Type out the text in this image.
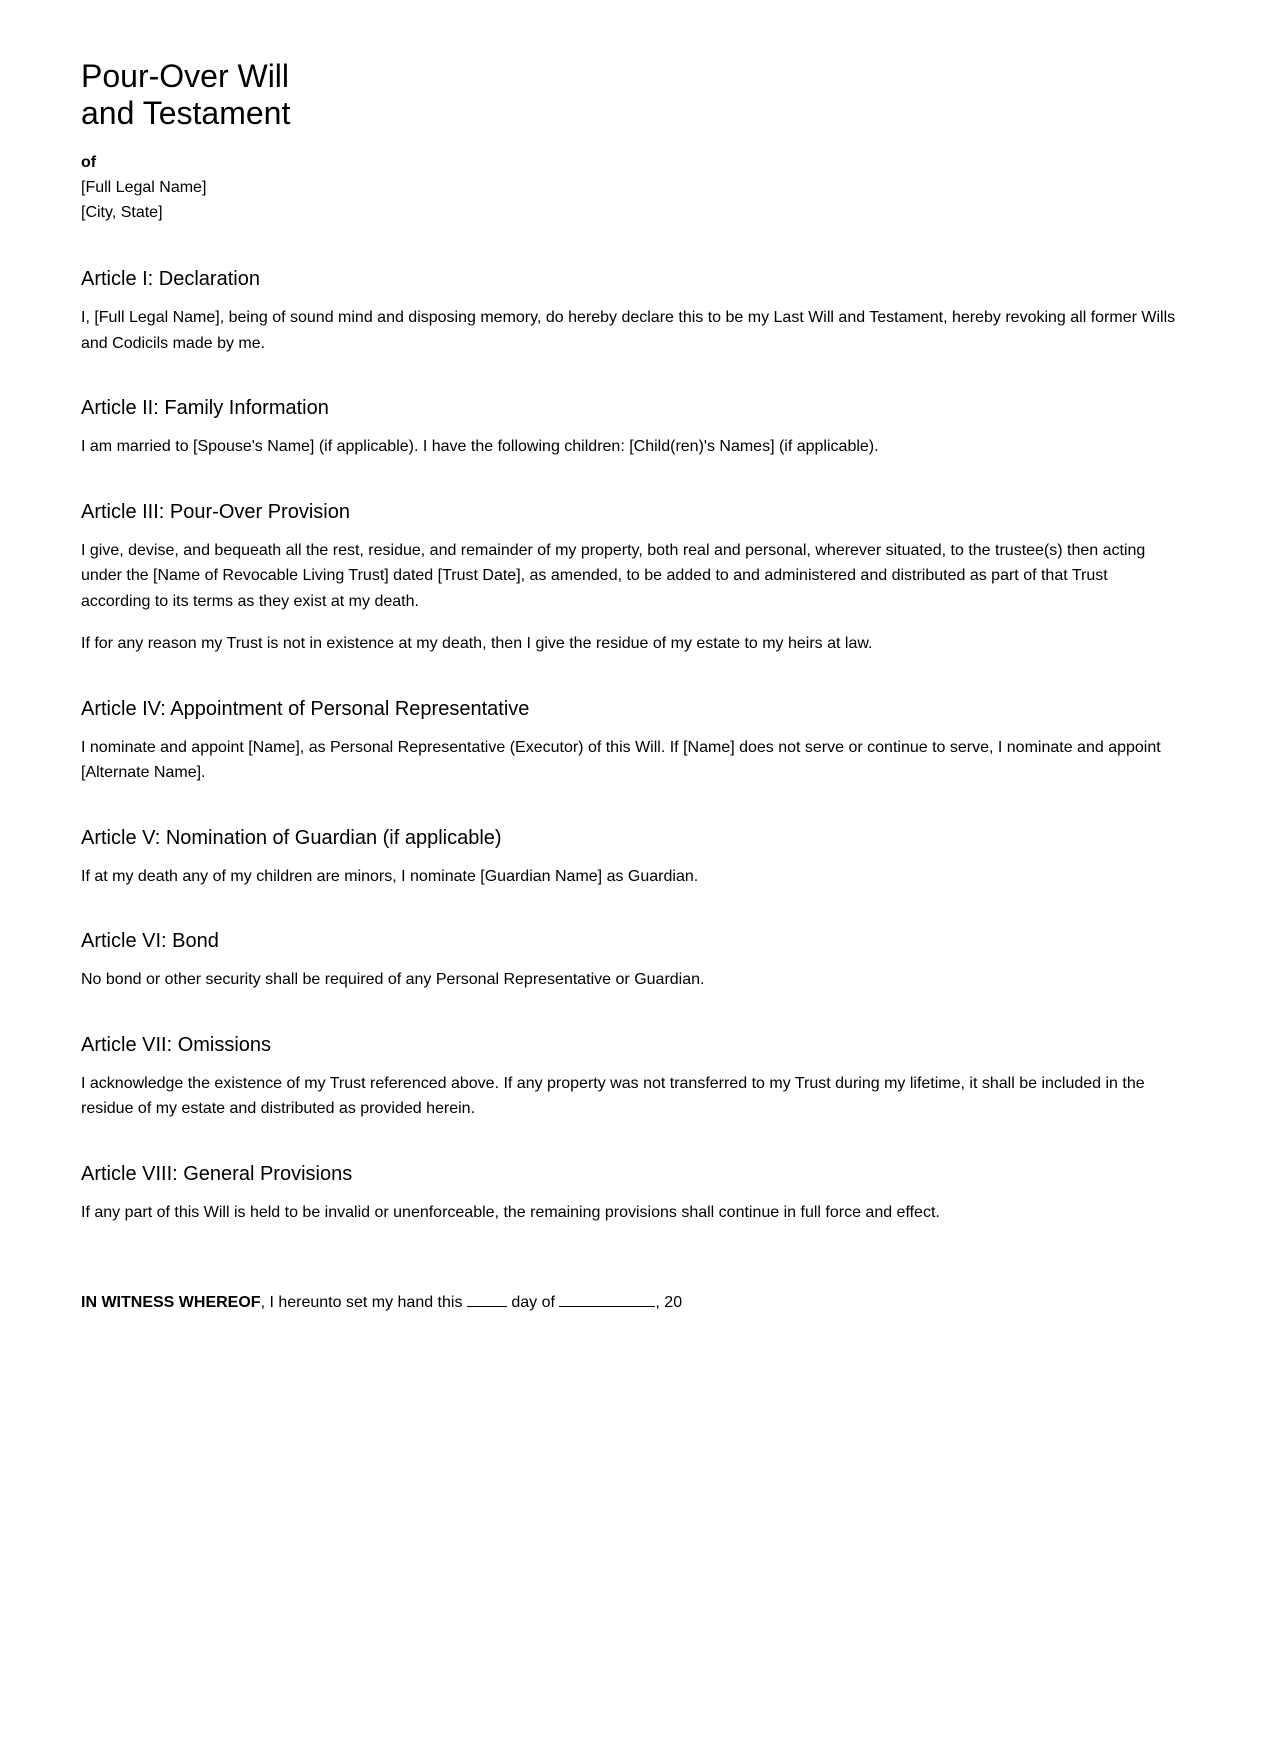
Pour-Over Will
and Testament
of
[Full Legal Name]
[City, State]
Article I: Declaration

I, [Full Legal Name], being of sound mind and disposing memory, do hereby declare this to be my Last Will and Testament, hereby revoking all former Wills and Codicils made by me.

Article II: Family Information

I am married to [Spouse's Name] (if applicable). I have the following children: [Child(ren)'s Names] (if applicable).

Article III: Pour-Over Provision

I give, devise, and bequeath all the rest, residue, and remainder of my property, both real and personal, wherever situated, to the trustee(s) then acting under the [Name of Revocable Living Trust] dated [Trust Date], as amended, to be added to and administered and distributed as part of that Trust according to its terms as they exist at my death.

If for any reason my Trust is not in existence at my death, then I give the residue of my estate to my heirs at law.

Article IV: Appointment of Personal Representative

I nominate and appoint [Name], as Personal Representative (Executor) of this Will. If [Name] does not serve or continue to serve, I nominate and appoint [Alternate Name].

Article V: Nomination of Guardian (if applicable)

If at my death any of my children are minors, I nominate [Guardian Name] as Guardian.

Article VI: Bond

No bond or other security shall be required of any Personal Representative or Guardian.

Article VII: Omissions

I acknowledge the existence of my Trust referenced above. If any property was not transferred to my Trust during my lifetime, it shall be included in the residue of my estate and distributed as provided herein.

Article VIII: General Provisions

If any part of this Will is held to be invalid or unenforceable, the remaining provisions shall continue in full force and effect.

IN WITNESS WHEREOF, I hereunto set my hand this	day of	, 20
